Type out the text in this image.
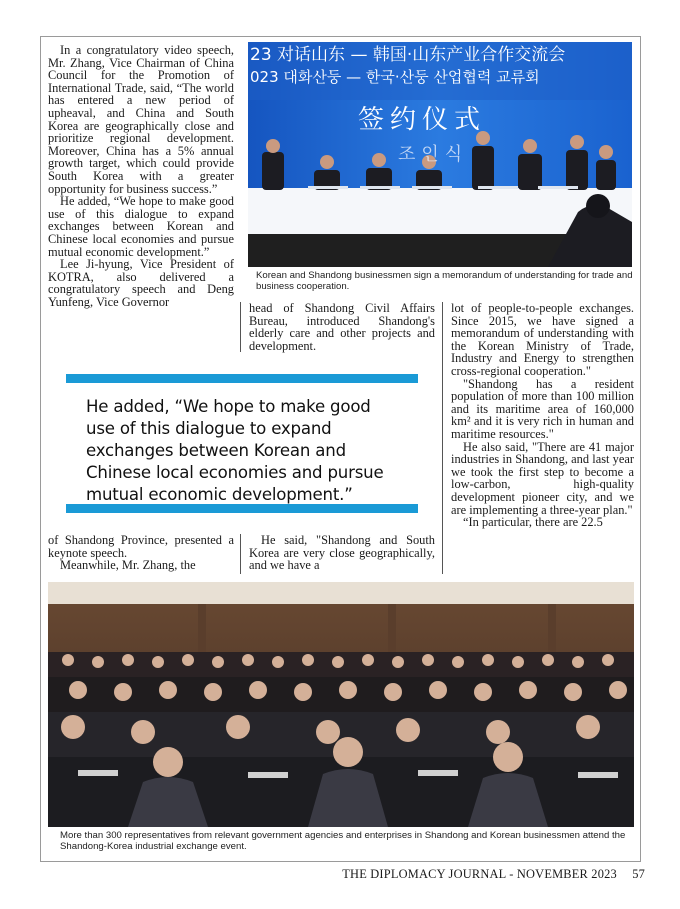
In a congratulatory video speech, Mr. Zhang, Vice Chairman of China Council for the Promotion of International Trade, said, “The world has entered a new period of upheaval, and China and South Korea are geographically close and prioritize regional development. Moreover, China has a 5% annual growth target, which could provide South Korea with a greater opportunity for business success.”

He added, “We hope to make good use of this dialogue to expand exchanges between Korean and Chinese local economies and pursue mutual economic development.”

Lee Ji-hyung, Vice President of KOTRA, also delivered a congratulatory speech and Deng Yunfeng, Vice Governor

23 对话山东 — 韩国·山东产业合作交流会
023 대화산둥 — 한국·산둥 산업협력 교류회
签约仪式
조인식
Korean and Shandong businessmen sign a memorandum of understanding for trade and business cooperation.

head of Shandong Civil Affairs Bureau, introduced Shandong's elderly care and other projects and development.

lot of people-to-people exchanges. Since 2015, we have signed a memorandum of understanding with the Korean Ministry of Trade, Industry and Energy to strengthen cross-regional cooperation."

"Shandong has a resident population of more than 100 million and its maritime area of 160,000 km² and it is very rich in human and maritime resources."

He also said, "There are 41 major industries in Shandong, and last year we took the first step to become a low-carbon, high-quality development pioneer city, and we are implementing a three-year plan."

“In particular, there are 22.5

He added, “We hope to make good use of this dialogue to expand exchanges between Korean and Chinese local economies and pursue mutual economic development.”

of Shandong Province, presented a keynote speech.

Meanwhile, Mr. Zhang, the

He said, "Shandong and South Korea are very close geographically, and we have a

More than 300 representatives from relevant government agencies and enterprises in Shandong and Korean businessmen attend the Shandong-Korea industrial exchange event.
THE DIPLOMACY JOURNAL - NOVEMBER 2023 57
